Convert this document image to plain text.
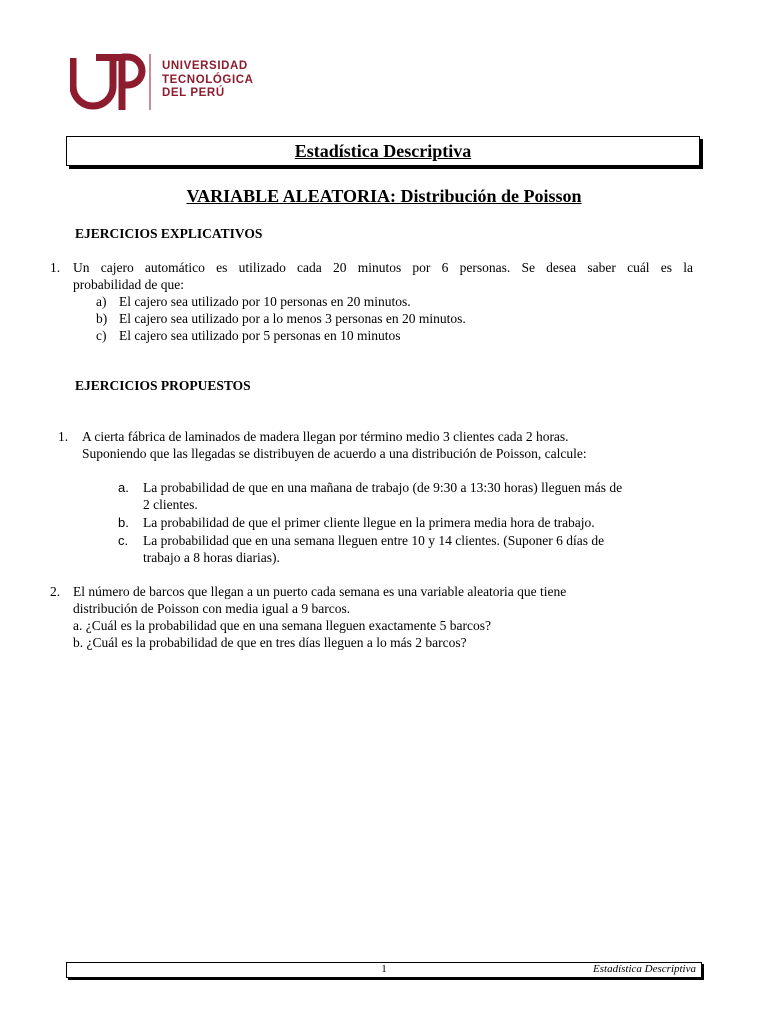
UNIVERSIDAD
TECNOLÓGICA
DEL PERÚ
Estadística Descriptiva
VARIABLE ALEATORIA: Distribución de Poisson
EJERCICIOS EXPLICATIVOS
1. Un cajero automático es utilizado cada 20 minutos por 6 personas. Se desea saber cuál es la
probabilidad de que:
a) El cajero sea utilizado por 10 personas en 20 minutos.
b) El cajero sea utilizado por a lo menos 3 personas en 20 minutos.
c) El cajero sea utilizado por 5 personas en 10 minutos
EJERCICIOS PROPUESTOS
1. A cierta fábrica de laminados de madera llegan por término medio 3 clientes cada 2 horas.
Suponiendo que las llegadas se distribuyen de acuerdo a una distribución de Poisson, calcule:
a. La probabilidad de que en una mañana de trabajo (de 9:30 a 13:30 horas) lleguen más de
2 clientes.
b. La probabilidad de que el primer cliente llegue en la primera media hora de trabajo.
c. La probabilidad que en una semana lleguen entre 10 y 14 clientes. (Suponer 6 días de
trabajo a 8 horas diarias).
2. El número de barcos que llegan a un puerto cada semana es una variable aleatoria que tiene
distribución de Poisson con media igual a 9 barcos.
a. ¿Cuál es la probabilidad que en una semana lleguen exactamente 5 barcos?
b. ¿Cuál es la probabilidad de que en tres días lleguen a lo más 2 barcos?
1	Estadística Descriptiva
